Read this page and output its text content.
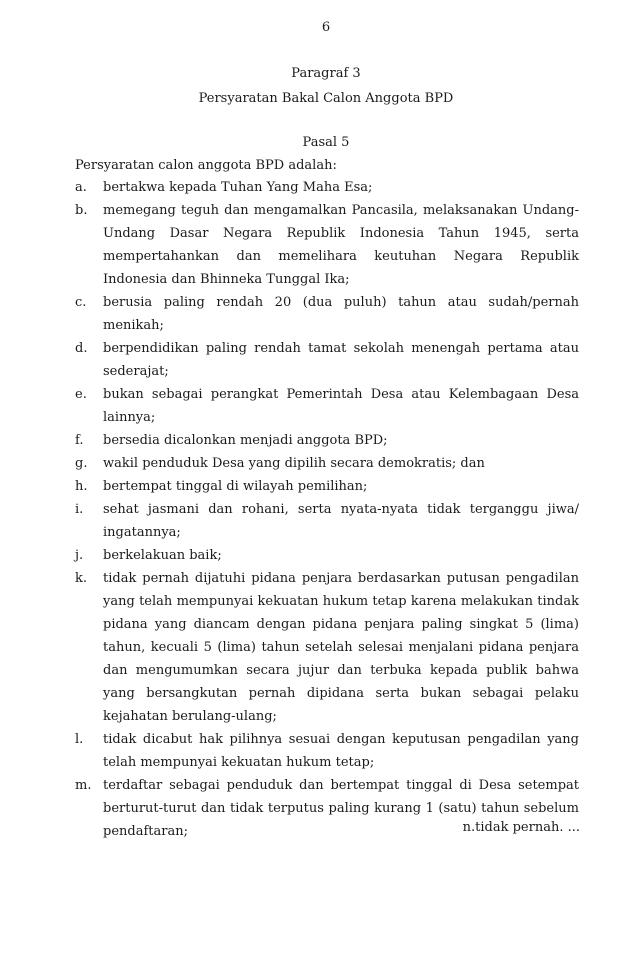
6
Paragraf 3
Persyaratan Bakal Calon Anggota BPD
Pasal 5
Persyaratan calon anggota BPD adalah:
a.	bertakwa kepada Tuhan Yang Maha Esa;
b.	memegang teguh dan mengamalkan Pancasila, melaksanakan Undang-Undang Dasar Negara Republik Indonesia Tahun 1945, serta mempertahankan dan memelihara keutuhan Negara Republik Indonesia dan Bhinneka Tunggal Ika;
c.	berusia paling rendah 20 (dua puluh) tahun atau sudah/pernah menikah;
d.	berpendidikan paling rendah tamat sekolah menengah pertama atau sederajat;
e.	bukan sebagai perangkat Pemerintah Desa atau Kelembagaan Desa lainnya;
f.	bersedia dicalonkan menjadi anggota BPD;
g.	wakil penduduk Desa yang dipilih secara demokratis; dan
h.	bertempat tinggal di wilayah pemilihan;
i.	sehat jasmani dan rohani, serta nyata-nyata tidak terganggu jiwa/ ingatannya;
j.	berkelakuan baik;
k.	tidak pernah dijatuhi pidana penjara berdasarkan putusan pengadilan yang telah mempunyai kekuatan hukum tetap karena melakukan tindak pidana yang diancam dengan pidana penjara paling singkat 5 (lima) tahun, kecuali 5 (lima) tahun setelah selesai menjalani pidana penjara dan mengumumkan secara jujur dan terbuka kepada publik bahwa yang bersangkutan pernah dipidana serta bukan sebagai pelaku kejahatan berulang-ulang;
l.	tidak dicabut hak pilihnya sesuai dengan keputusan pengadilan yang telah mempunyai kekuatan hukum tetap;
m. terdaftar sebagai penduduk dan bertempat tinggal di Desa setempat berturut-turut dan tidak terputus paling kurang 1 (satu) tahun sebelum pendaftaran;	n.tidak pernah. ...
